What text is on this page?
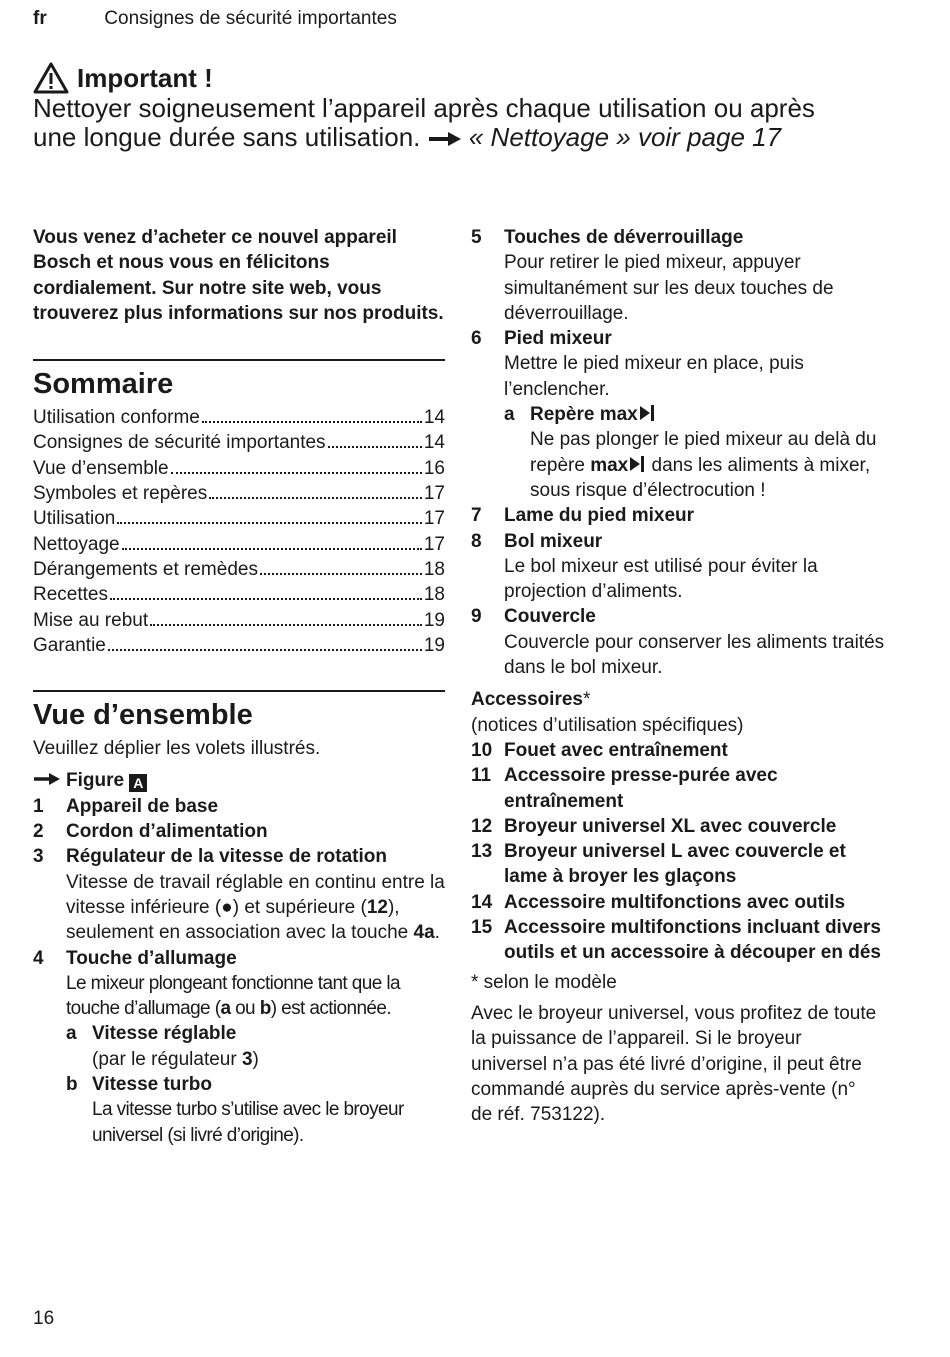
fr	Consignes de sécurité importantes
Important !
Nettoyer soigneusement l’appareil après chaque utilisation ou après une longue durée sans utilisation. « Nettoyage » voir page 17

Vous venez d’acheter ce nouvel appareil Bosch et nous vous en félicitons cordialement. Sur notre site web, vous trouverez plus informations sur nos produits.

Sommaire
Utilisation conforme	14
Consignes de sécurité importantes	14
Vue d’ensemble	16
Symboles et repères	17
Utilisation	17
Nettoyage	17
Dérangements et remèdes	18
Recettes	18
Mise au rebut	19
Garantie	19
Vue d’ensemble
Veuillez déplier les volets illustrés.
Figure A
1	Appareil de base
2	Cordon d’alimentation
3	Régulateur de la vitesse de rotation
Vitesse de travail réglable en continu entre la vitesse inférieure (●) et supérieure (12), seulement en association avec la touche 4a.
4	Touche d’allumage
Le mixeur plongeant fonctionne tant que la touche d’allumage (a ou b) est actionnée.
a Vitesse réglable
(par le régulateur 3)
b Vitesse turbo
La vitesse turbo s’utilise avec le broyeur universel (si livré d’origine).
5	Touches de déverrouillage
Pour retirer le pied mixeur, appuyer simultanément sur les deux touches de déverrouillage.
6	Pied mixeur
Mettre le pied mixeur en place, puis l’enclencher.
a Repère max
Ne pas plonger le pied mixeur au delà du repère max dans les aliments à mixer, sous risque d’électrocution !
7	Lame du pied mixeur
8	Bol mixeur
Le bol mixeur est utilisé pour éviter la projection d’aliments.
9	Couvercle
Couvercle pour conserver les aliments traités dans le bol mixeur.
Accessoires*
(notices d’utilisation spécifiques)
10 Fouet avec entraînement
11 Accessoire presse-purée avec entraînement
12 Broyeur universel XL avec couvercle
13 Broyeur universel L avec couvercle et lame à broyer les glaçons
14 Accessoire multifonctions avec outils
15 Accessoire multifonctions incluant divers outils et un accessoire à découper en dés
* selon le modèle
Avec le broyeur universel, vous profitez de toute la puissance de l’appareil. Si le broyeur universel n’a pas été livré d’origine, il peut être commandé auprès du service après-vente (n° de réf. 753122).
16
